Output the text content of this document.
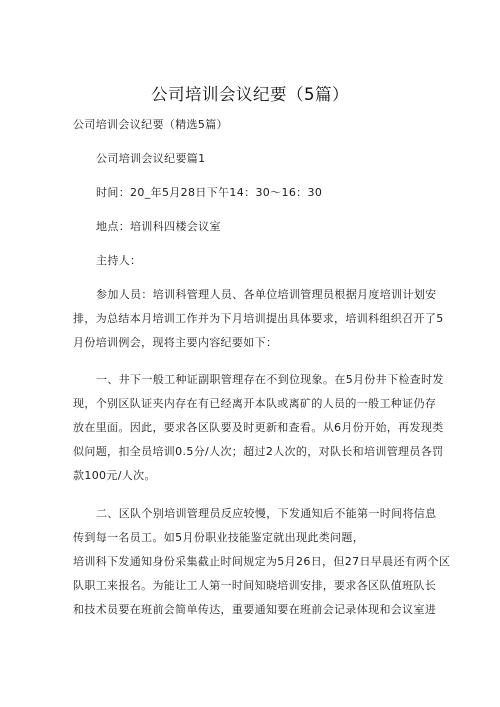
公司培训会议纪要（5篇）
公司培训会议纪要（精选5篇）
公司培训会议纪要篇1
时间：20_年5月28日下午14：30～16：30
地点：培训科四楼会议室
主持人：
参加人员：培训科管理人员、各单位培训管理员根据月度培训计划安
排，为总结本月培训工作并为下月培训提出具体要求，培训科组织召开了5
月份培训例会，现将主要内容纪要如下：
一、井下一般工种证副职管理存在不到位现象。在5月份井下检查时发
现，个别区队证夹内存在有已经离开本队或离矿的人员的一般工种证仍存
放在里面。因此，要求各区队要及时更新和查看。从6月份开始，再发现类
似问题，扣全员培训0.5分/人次；超过2人次的，对队长和培训管理员各罚
款100元/人次。
二、区队个别培训管理员反应较慢，下发通知后不能第一时间将信息
传到每一名员工。如5月份职业技能鉴定就出现此类问题，
培训科下发通知身份采集截止时间规定为5月26日，但27日早晨还有两个区
队职工来报名。为能让工人第一时间知晓培训安排，要求各区队值班队长
和技术员要在班前会简单传达，重要通知要在班前会记录体现和会议室进
